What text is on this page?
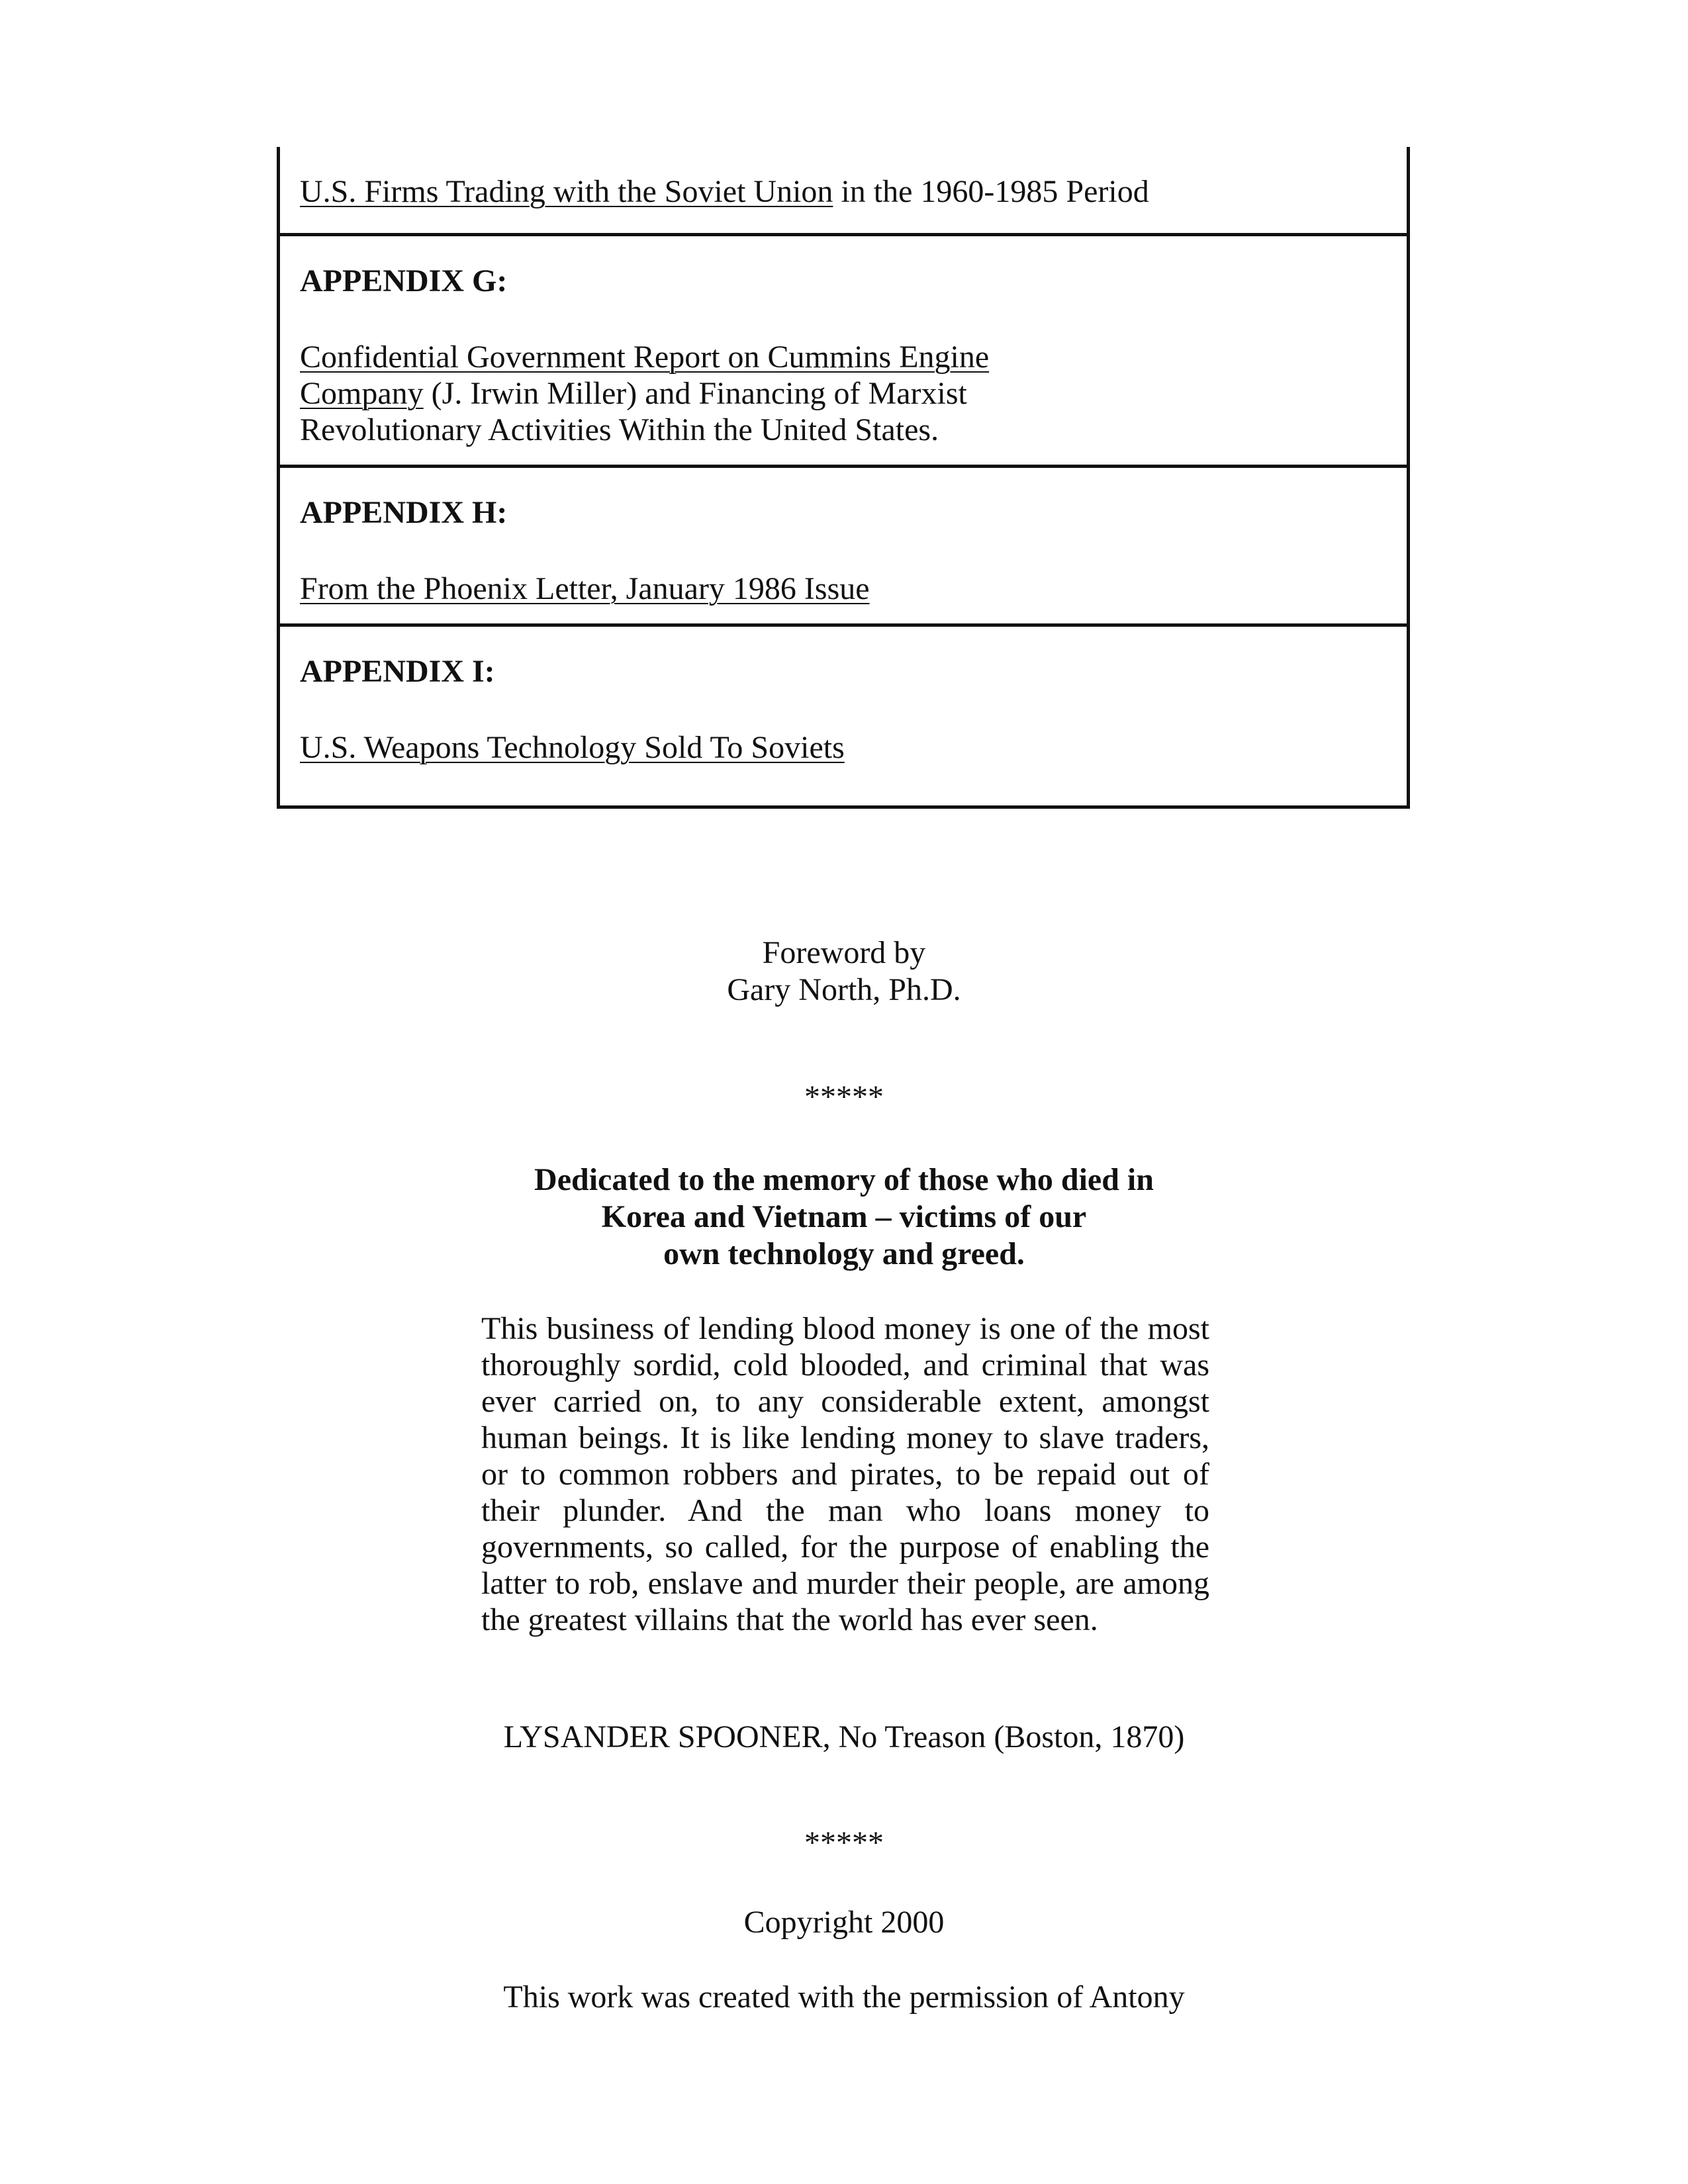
U.S. Firms Trading with the Soviet Union in the 1960-1985 Period

APPENDIX G:

Confidential Government Report on Cummins Engine
Company (J. Irwin Miller) and Financing of Marxist
Revolutionary Activities Within the United States.

APPENDIX H:

From the Phoenix Letter, January 1986 Issue

APPENDIX I:

U.S. Weapons Technology Sold To Soviets

Foreword by
Gary North, Ph.D.
*****
Dedicated to the memory of those who died in
Korea and Vietnam – victims of our
own technology and greed.
This business of lending blood money is one of the most thoroughly sordid, cold blooded, and criminal that was ever carried on, to any considerable extent, amongst human beings. It is like lending money to slave traders, or to common robbers and pirates, to be repaid out of their plunder. And the man who loans money to governments, so called, for the purpose of enabling the latter to rob, enslave and murder their people, are among the greatest villains that the world has ever seen.
LYSANDER SPOONER, No Treason (Boston, 1870)
*****
Copyright 2000
This work was created with the permission of Antony
